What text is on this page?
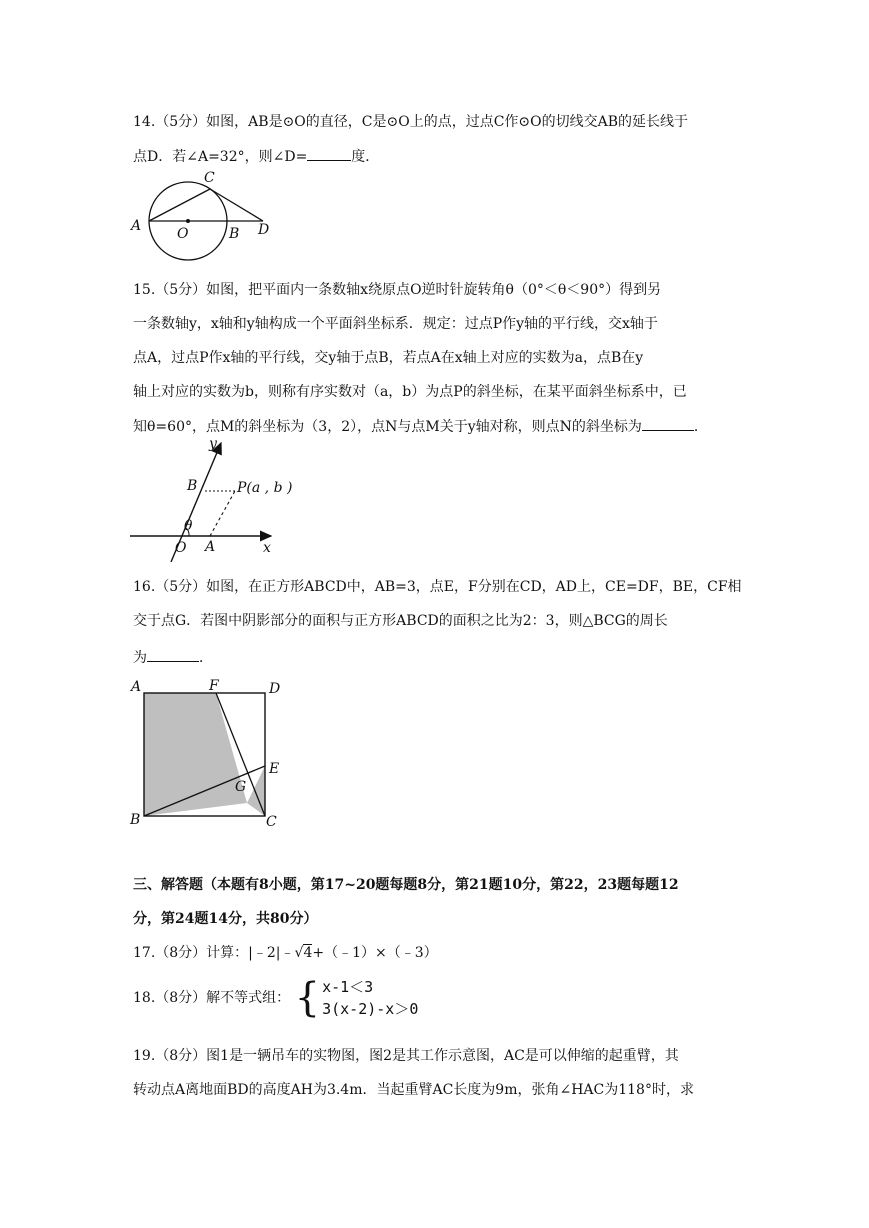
14.（5分）如图，AB是⊙O的直径，C是⊙O上的点，过点C作⊙O的切线交AB的延长线于
点D．若∠A=32°，则∠D=	度．
A	O	B
C
D
15.（5分）如图，把平面内一条数轴x绕原点O逆时针旋转角θ（0°＜θ＜90°）得到另
一条数轴y，x轴和y轴构成一个平面斜坐标系．规定：过点P作y轴的平行线，交x轴于
点A，过点P作x轴的平行线，交y轴于点B，若点A在x轴上对应的实数为a，点B在y
轴上对应的实数为b，则称有序实数对（a，b）为点P的斜坐标，在某平面斜坐标系中，已
知θ=60°，点M的斜坐标为（3，2），点N与点M关于y轴对称，则点N的斜坐标为	．
y
x
B	P(a , b )
θ
O A
16.（5分）如图，在正方形ABCD中，AB=3，点E，F分别在CD，AD上，CE=DF，BE，CF相
交于点G．若图中阴影部分的面积与正方形ABCD的面积之比为2：3，则△BCG的周长
为	．
A	F	D
E
G
B	C
三、解答题（本题有8小题，第17~20题每题8分，第21题10分，第22，23题每题12
分，第24题14分，共80分）
17.（8分）计算：|﹣2|﹣√4+（﹣1）×（﹣3）
18.（8分）解不等式组： { x-1＜3
3(x-2)-x＞0
19.（8分）图1是一辆吊车的实物图，图2是其工作示意图，AC是可以伸缩的起重臂，其
转动点A离地面BD的高度AH为3.4m．当起重臂AC长度为9m，张角∠HAC为118°时，求
